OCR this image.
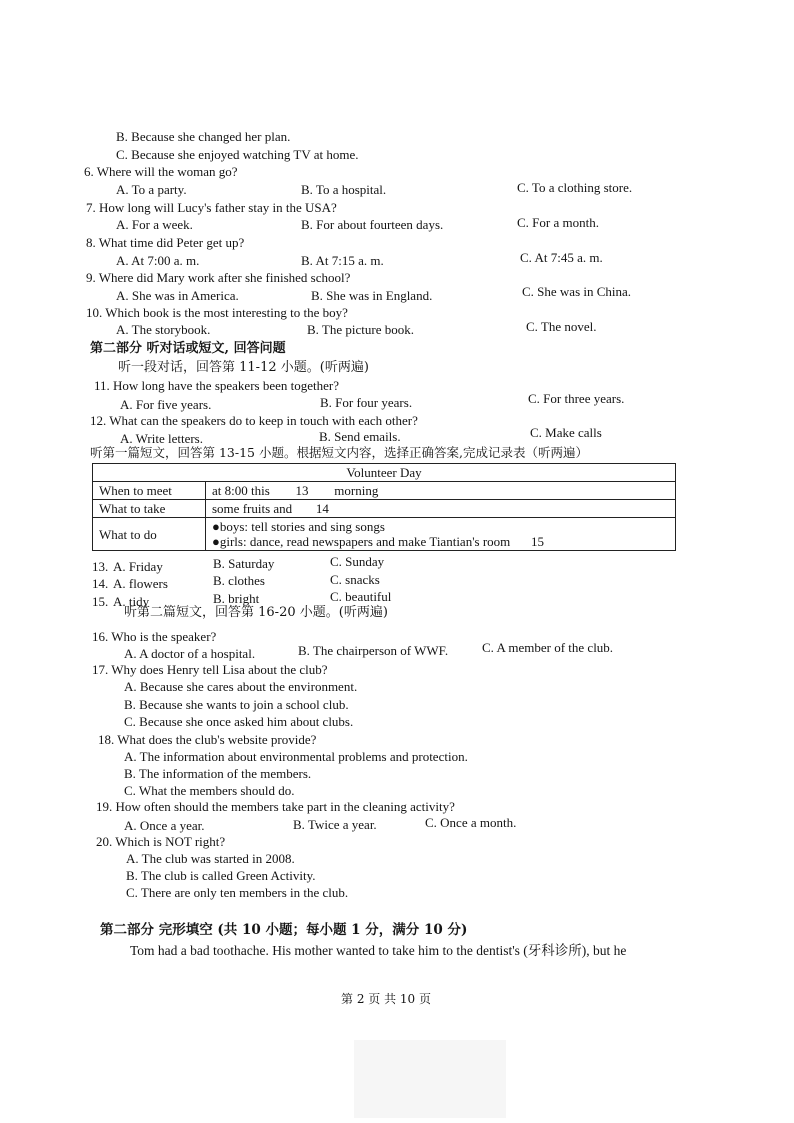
B. Because she changed her plan.
C. Because she enjoyed watching TV at home.
6. Where will the woman go?
A. To a party.	B. To a hospital.	C. To a clothing store.
7. How long will Lucy's father stay in the USA?
A. For a week.	B. For about fourteen days.	C. For a month.
8. What time did Peter get up?
A. At 7:00 a. m.	B. At 7:15 a. m.	C. At 7:45 a. m.
9. Where did Mary work after she finished school?
A. She was in America.	B. She was in England.	C. She was in China.
10. Which book is the most interesting to the boy?
A. The storybook.	B. The picture book.	C. The novel.
第二部分 听对话或短文, 回答问题
听一段对话，回答第 11-12 小题。(听两遍)
11. How long have the speakers been together?
A. For five years.	B. For four years.	C. For three years.
12. What can the speakers do to keep in touch with each other?
A. Write letters.	B. Send emails.	C. Make calls
听第一篇短文，回答第 13-15 小题。根据短文内容，选择正确答案,完成记录表（听两遍）
Volunteer Day	
When to meet	at 8:00 this 13 morning
What to take	some fruits and 14
What to do	●boys: tell stories and sing songs
●girls: dance, read newspapers and make Tiantian's room 15
13. A. Friday	B. Saturday	C. Sunday
14. A. flowers	B. clothes	C. snacks
15. A. tidy	B. bright	C. beautiful
听第二篇短文，回答第 16-20 小题。(听两遍)
16. Who is the speaker?
A. A doctor of a hospital.	B. The chairperson of WWF.	C. A member of the club.
17. Why does Henry tell Lisa about the club?
A. Because she cares about the environment.
B. Because she wants to join a school club.
C. Because she once asked him about clubs.
18. What does the club's website provide?
A. The information about environmental problems and protection.
B. The information of the members.
C. What the members should do.
19. How often should the members take part in the cleaning activity?
A. Once a year.	B. Twice a year.	C. Once a month.
20. Which is NOT right?
A. The club was started in 2008.
B. The club is called Green Activity.
C. There are only ten members in the club.
第二部分 完形填空 (共 10 小题；每小题 1 分，满分 10 分)
Tom had a bad toothache. His mother wanted to take him to the dentist's (牙科诊所), but he
第 2 页 共 10 页
